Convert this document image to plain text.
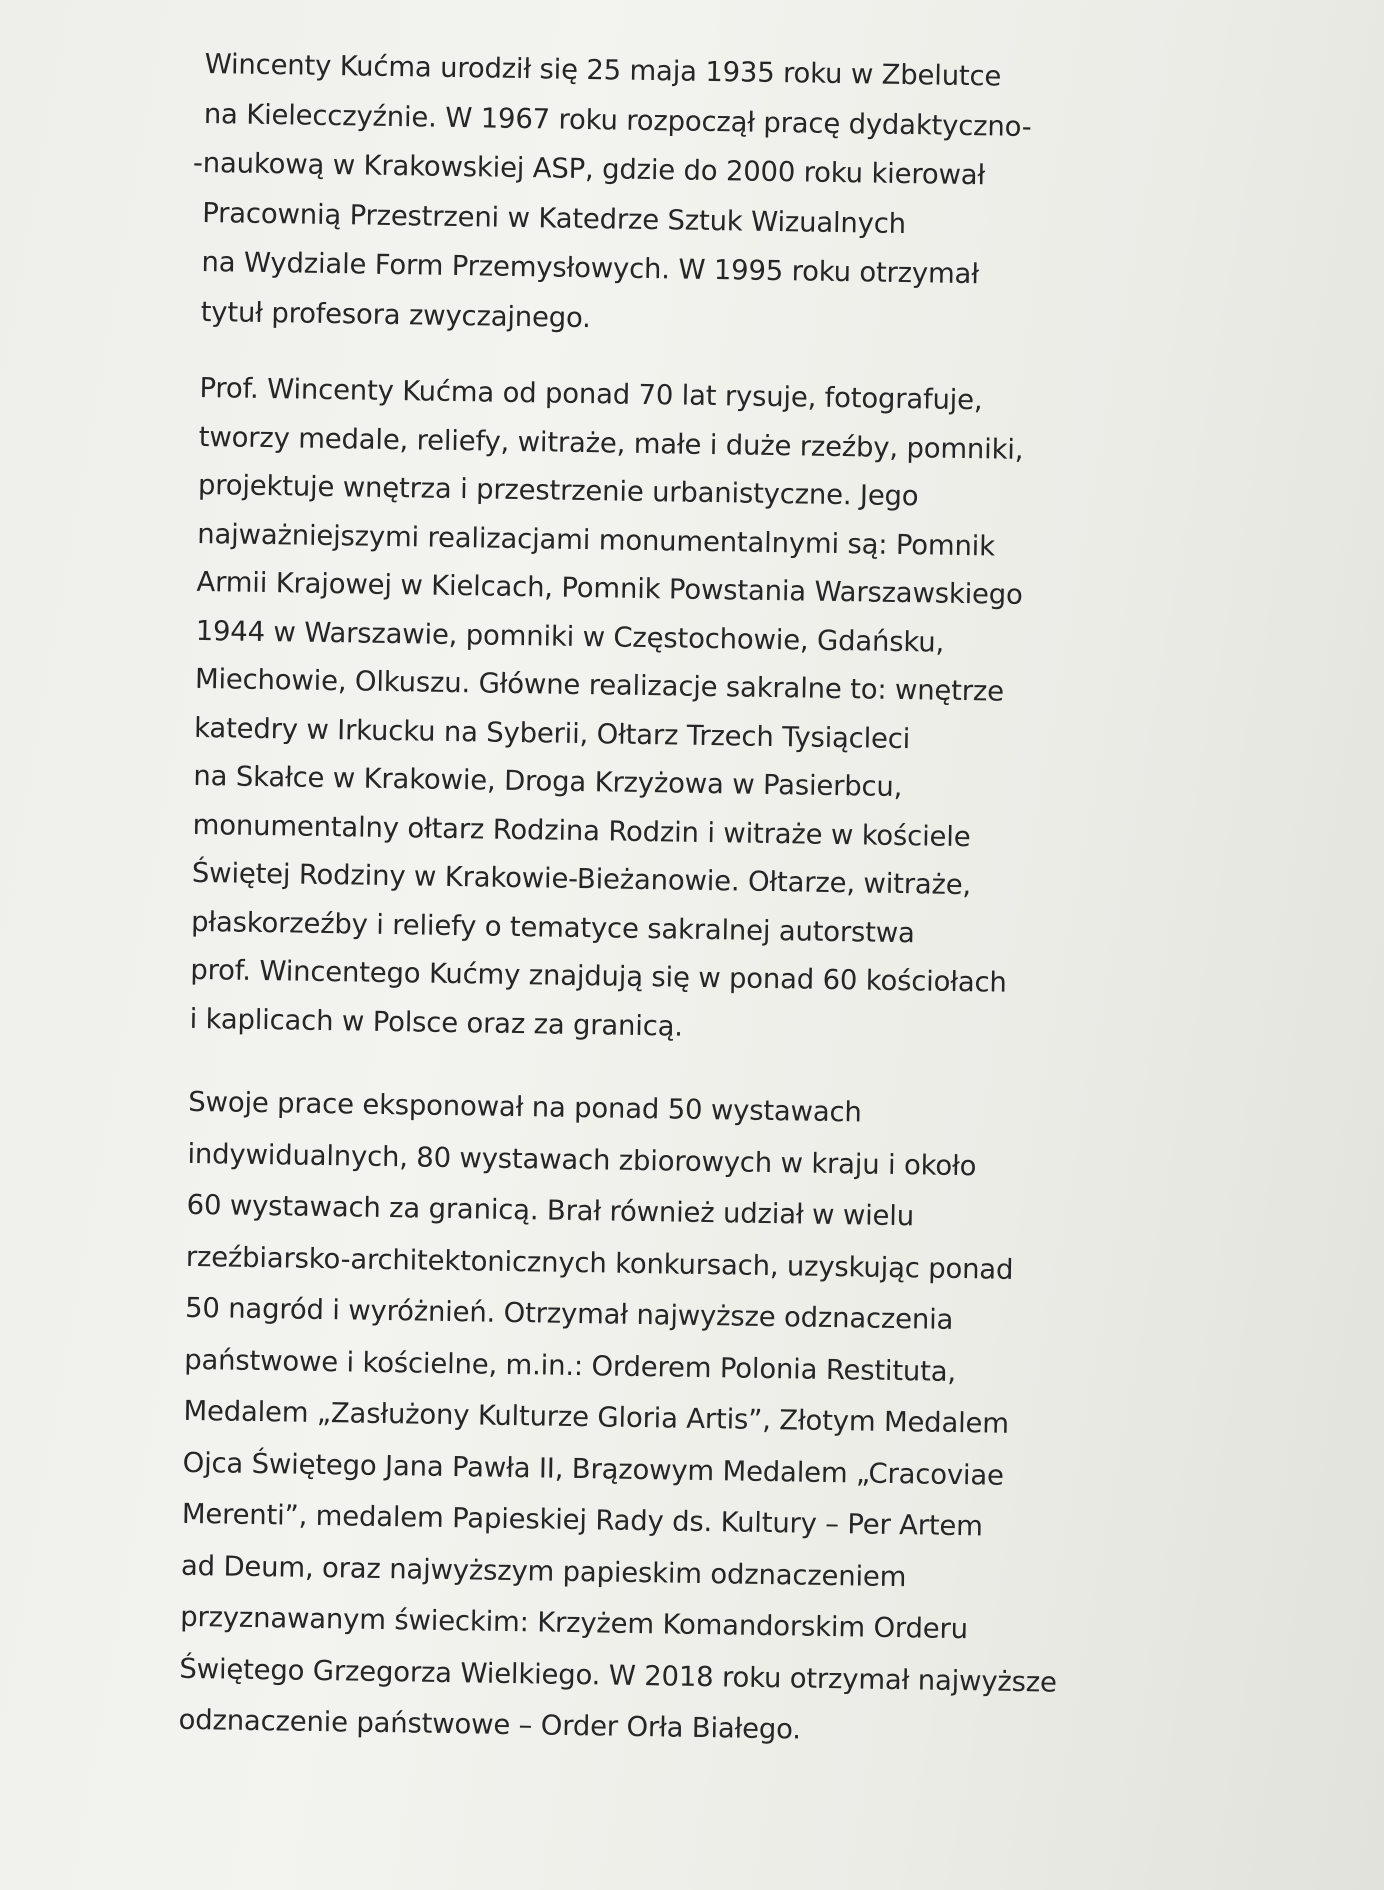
Wincenty Kućma urodził się 25 maja 1935 roku w Zbelutce
na Kielecczyźnie. W 1967 roku rozpoczął pracę dydaktyczno-
-naukową w Krakowskiej ASP, gdzie do 2000 roku kierował
Pracownią Przestrzeni w Katedrze Sztuk Wizualnych
na Wydziale Form Przemysłowych. W 1995 roku otrzymał
tytuł profesora zwyczajnego.
Prof. Wincenty Kućma od ponad 70 lat rysuje, fotografuje,
tworzy medale, reliefy, witraże, małe i duże rzeźby, pomniki,
projektuje wnętrza i przestrzenie urbanistyczne. Jego
najważniejszymi realizacjami monumentalnymi są: Pomnik
Armii Krajowej w Kielcach, Pomnik Powstania Warszawskiego
1944 w Warszawie, pomniki w Częstochowie, Gdańsku,
Miechowie, Olkuszu. Główne realizacje sakralne to: wnętrze
katedry w Irkucku na Syberii, Ołtarz Trzech Tysiącleci
na Skałce w Krakowie, Droga Krzyżowa w Pasierbcu,
monumentalny ołtarz Rodzina Rodzin i witraże w kościele
Świętej Rodziny w Krakowie-Bieżanowie. Ołtarze, witraże,
płaskorzeźby i reliefy o tematyce sakralnej autorstwa
prof. Wincentego Kućmy znajdują się w ponad 60 kościołach
i kaplicach w Polsce oraz za granicą.
Swoje prace eksponował na ponad 50 wystawach
indywidualnych, 80 wystawach zbiorowych w kraju i około
60 wystawach za granicą. Brał również udział w wielu
rzeźbiarsko-architektonicznych konkursach, uzyskując ponad
50 nagród i wyróżnień. Otrzymał najwyższe odznaczenia
państwowe i kościelne, m.in.: Orderem Polonia Restituta,
Medalem „Zasłużony Kulturze Gloria Artis”, Złotym Medalem
Ojca Świętego Jana Pawła II, Brązowym Medalem „Cracoviae
Merenti”, medalem Papieskiej Rady ds. Kultury – Per Artem
ad Deum, oraz najwyższym papieskim odznaczeniem
przyznawanym świeckim: Krzyżem Komandorskim Orderu
Świętego Grzegorza Wielkiego. W 2018 roku otrzymał najwyższe
odznaczenie państwowe – Order Orła Białego.
